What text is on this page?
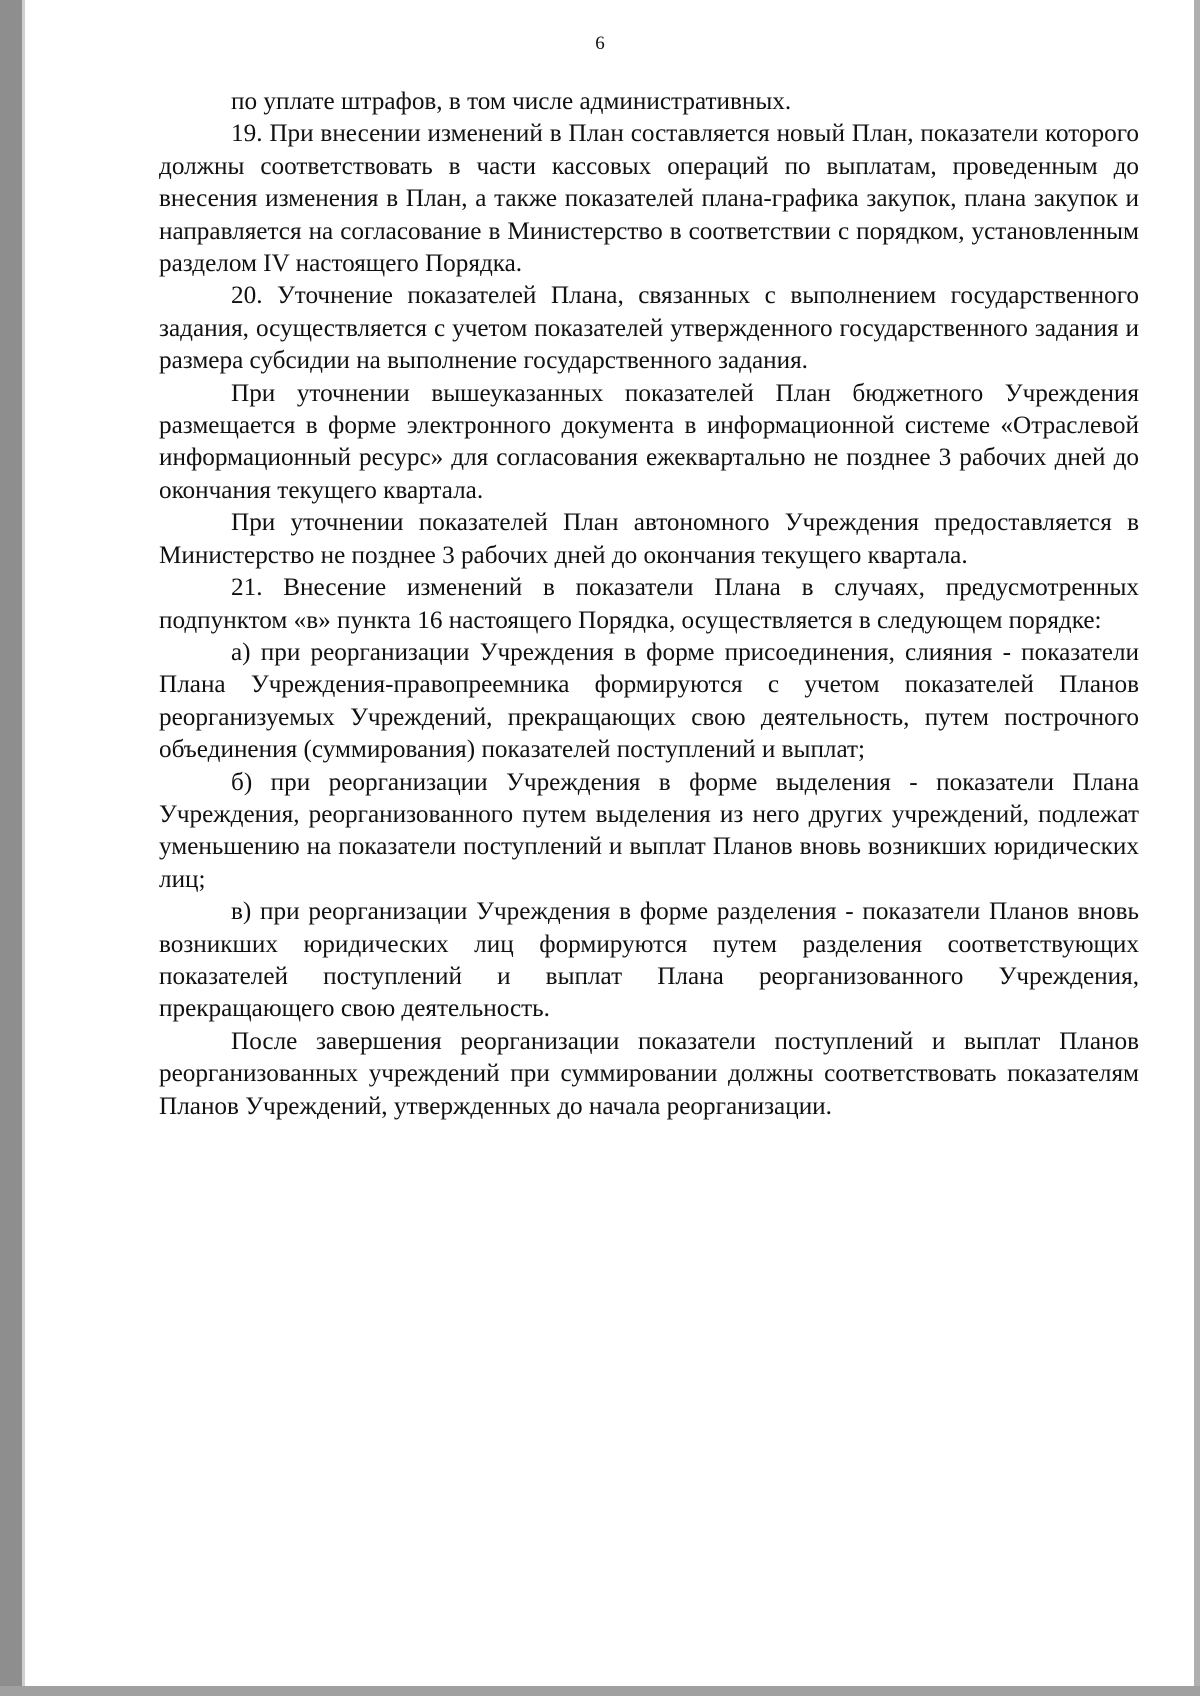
6

по уплате штрафов, в том числе административных.

19. При внесении изменений в План составляется новый План, показатели которого должны соответствовать в части кассовых операций по выплатам, проведенным до внесения изменения в План, а также показателей плана-графика закупок, плана закупок и направляется на согласование в Министерство в соответствии с порядком, установленным разделом IV настоящего Порядка.

20. Уточнение показателей Плана, связанных с выполнением государственного задания, осуществляется с учетом показателей утвержденного государственного задания и размера субсидии на выполнение государственного задания.

При уточнении вышеуказанных показателей План бюджетного Учреждения размещается в форме электронного документа в информационной системе «Отраслевой информационный ресурс» для согласования ежеквартально не позднее 3 рабочих дней до окончания текущего квартала.

При уточнении показателей План автономного Учреждения предоставляется в Министерство не позднее 3 рабочих дней до окончания текущего квартала.

21. Внесение изменений в показатели Плана в случаях, предусмотренных подпунктом «в» пункта 16 настоящего Порядка, осуществляется в следующем порядке:

а) при реорганизации Учреждения в форме присоединения, слияния - показатели Плана Учреждения-правопреемника формируются с учетом показателей Планов реорганизуемых Учреждений, прекращающих свою деятельность, путем построчного объединения (суммирования) показателей поступлений и выплат;

б) при реорганизации Учреждения в форме выделения - показатели Плана Учреждения, реорганизованного путем выделения из него других учреждений, подлежат уменьшению на показатели поступлений и выплат Планов вновь возникших юридических лиц;

в) при реорганизации Учреждения в форме разделения - показатели Планов вновь возникших юридических лиц формируются путем разделения соответствующих показателей поступлений и выплат Плана реорганизованного Учреждения, прекращающего свою деятельность.

После завершения реорганизации показатели поступлений и выплат Планов реорганизованных учреждений при суммировании должны соответствовать показателям Планов Учреждений, утвержденных до начала реорганизации.
